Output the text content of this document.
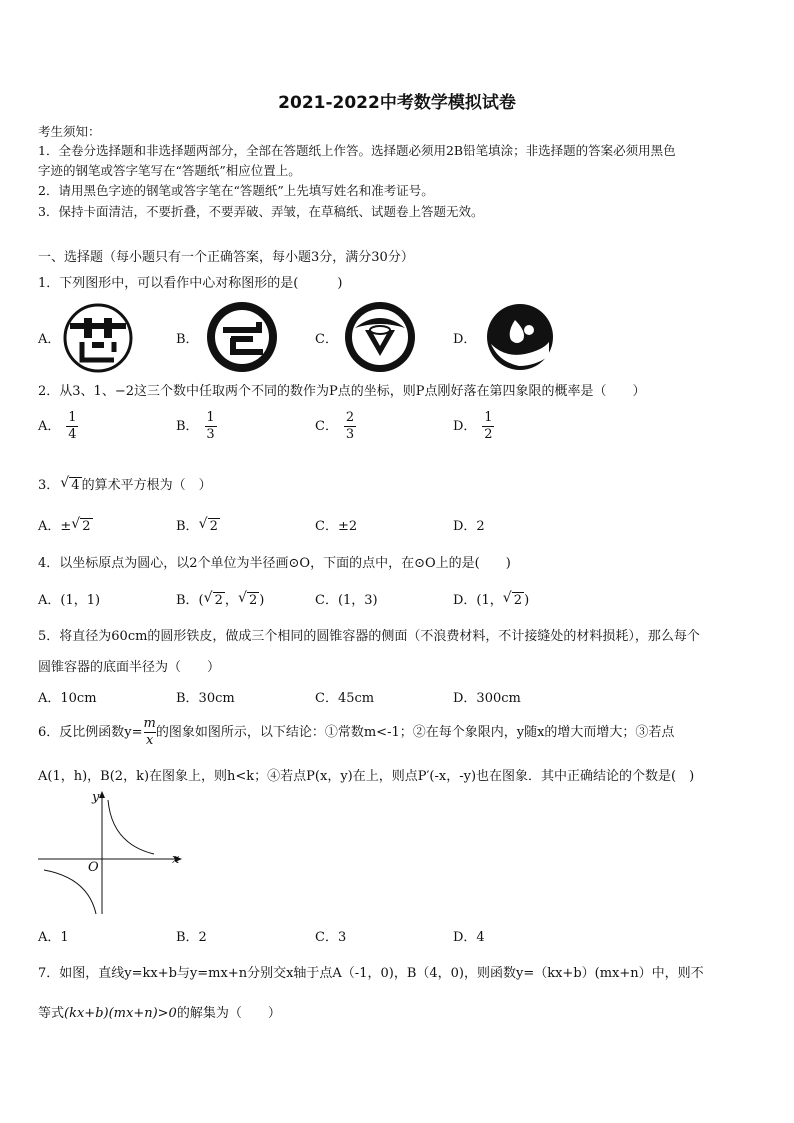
2021-2022中考数学模拟试卷
考生须知：
1．全卷分选择题和非选择题两部分，全部在答题纸上作答。选择题必须用2B铅笔填涂；非选择题的答案必须用黑色
字迹的钢笔或答字笔写在“答题纸”相应位置上。
2．请用黑色字迹的钢笔或答字笔在“答题纸”上先填写姓名和准考证号。
3．保持卡面清洁，不要折叠，不要弄破、弄皱，在草稿纸、试题卷上答题无效。
一、选择题（每小题只有一个正确答案，每小题3分，满分30分）
1．下列图形中，可以看作中心对称图形的是(　　　)
A．	B．	C．	D．
2．从3、1、−2这三个数中任取两个不同的数作为P点的坐标，则P点刚好落在第四象限的概率是（　　）
A． $\frac{1}{4}$	B． $\frac{1}{3}$	C． $\frac{2}{3}$	D． $\frac{1}{2}$
3． √ 4 的算术平方根为（　）
A．± √ 2	B． √ 2	C．±2	D．2
4．以坐标原点为圆心，以2个单位为半径画⊙O，下面的点中，在⊙O上的是(　　)
A．(1，1)	B．( √ 2 ， √ 2 )	C．(1，3)	D．(1， √ 2 )
5．将直径为60cm的圆形铁皮，做成三个相同的圆锥容器的侧面（不浪费材料，不计接缝处的材料损耗），那么每个
圆锥容器的底面半径为（　　）
A．10cm	B．30cm	C．45cm	D．300cm
6．反比例函数$y= \frac{m}{x}$ 的图象如图所示，以下结论：①常数m<-1；②在每个象限内，y随x的增大而增大；③若点
A(1，h)，B(2，k)在图象上，则h<k；④若点P(x，y)在上，则点P′(-x，-y)也在图象．其中正确结论的个数是(　)
y
x
O
A．1	B．2	C．3	D．4
7．如图，直线y=kx+b与y=mx+n分别交x轴于点A（-1，0)，B（4，0)，则函数y=（kx+b）(mx+n）中，则不
等式(kx+b)(mx+n)>0的解集为（　　）
